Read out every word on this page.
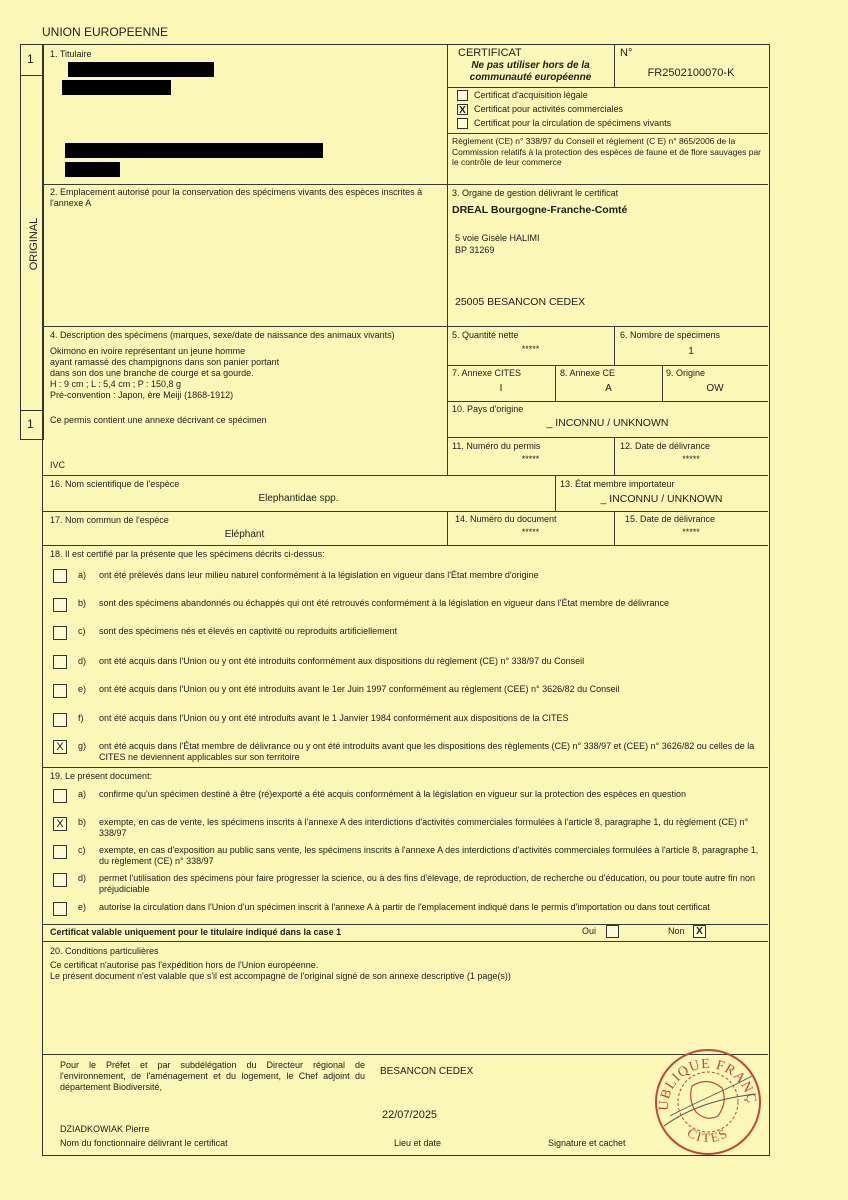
UNION EUROPEENNE
1
ORIGINAL
1
1. Titulaire	CERTIFICAT	N°
Ne pas utiliser hors de la
communauté européenne	FR2502100070-K
Certificat d'acquisition légale
X Certificat pour activités commerciales
Certificat pour la circulation de spécimens vivants
Règlement (CE) n° 338/97 du Conseil et règlement (C E) n° 865/2006 de la Commission relatifs à la protection des espèces de faune et de flore sauvages par le contrôle de leur commerce
2. Emplacement autorisé pour la conservation des spécimens vivants des espèces inscrites à l'annexe A
3. Organe de gestion délivrant le certificat
DREAL Bourgogne-Franche-Comté
5 voie Gisèle HALIMI
BP 31269
25005 BESANCON CEDEX
4. Description des spécimens (marques, sexe/date de naissance des animaux vivants)
Okimono en ivoire représentant un jeune homme
ayant ramassé des champignons dans son panier portant
dans son dos une branche de courge et sa gourde.
H : 9 cm ; L : 5,4 cm ; P : 150,8 g
Pré-convention : Japon, ère Meiji (1868-1912)
Ce permis contient une annexe décrivant ce spécimen
IVC
5. Quantité nette
*****
6. Nombre de spécimens
1
7. Annexe CITES
I
8. Annexe CE
A
9. Origine
OW
10. Pays d'origine
_ INCONNU / UNKNOWN
11. Numéro du permis
*****
12. Date de délivrance
*****
16. Nom scientifique de l'espèce
Elephantidae spp.
13. État membre importateur
_ INCONNU / UNKNOWN
17. Nom commun de l'espèce
Eléphant
14. Numéro du document
*****
15. Date de délivrance
*****
18. Il est certifié par la présente que les spécimens décrits ci-dessus:
a) ont été prélevés dans leur milieu naturel conformément à la législation en vigueur dans l'État membre d'origine
b) sont des spécimens abandonnés ou échappés qui ont été retrouvés conformément à la législation en vigueur dans l'État membre de délivrance
c) sont des spécimens nés et élevés en captivité ou reproduits artificiellement
d) ont été acquis dans l'Union ou y ont été introduits conformément aux dispositions du règlement (CE) n° 338/97 du Conseil
e) ont été acquis dans l'Union ou y ont été introduits avant le 1er Juin 1997 conformément au règlement (CEE) n° 3626/82 du Conseil
f) ont été acquis dans l'Union ou y ont été introduits avant le 1 Janvier 1984 conformément aux dispositions de la CITES
X	g) ont été acquis dans l'État membre de délivrance ou y ont été introduits avant que les dispositions des règlements (CE) n° 338/97 et (CEE) n° 3626/82 ou celles de la CITES ne deviennent applicables sur son territoire
19. Le présent document:
a) confirme qu'un spécimen destiné à être (ré)exporté a été acquis conformément à la législation en vigueur sur la protection des espèces en question
X	b) exempte, en cas de vente, les spécimens inscrits à l'annexe A des interdictions d'activités commerciales formulées à l'article 8, paragraphe 1, du règlement (CE) n° 338/97
c) exempte, en cas d'exposition au public sans vente, les spécimens inscrits à l'annexe A des interdictions d'activités commerciales formulées à l'article 8, paragraphe 1, du règlement (CE) n° 338/97
d) permet l'utilisation des spécimens pour faire progresser la science, ou à des fins d'élevage, de reproduction, de recherche ou d'éducation, ou pour toute autre fin non préjudiciable
e) autorise la circulation dans l'Union d'un spécimen inscrit à l'annexe A à partir de l'emplacement indiqué dans le permis d'importation ou dans tout certificat
Certificat valable uniquement pour le titulaire indiqué dans la case 1	Oui	Non	X
20. Conditions particulières
Ce certificat n'autorise pas l'expédition hors de l'Union européenne.
Le présent document n'est valable que s'il est accompagné de l'original signé de son annexe descriptive (1 page(s))
Pour le Préfet et par subdélégation du Directeur régional de l'environnement, de l'aménagement et du logement, le Chef adjoint du département Biodiversité,
BESANCON CEDEX
22/07/2025
DZIADKOWIAK Pierre
Nom du fonctionnaire délivrant le certificat	Lieu et date	Signature et cachet
UBLIQUE FRANÇ
CITES
